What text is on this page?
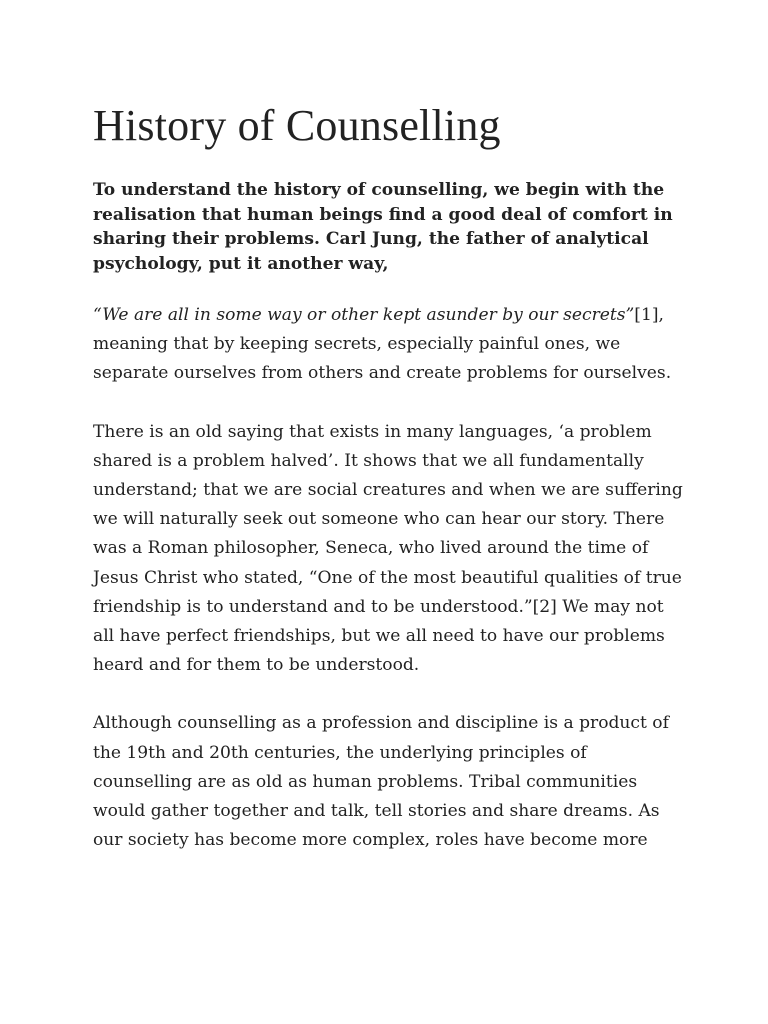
History of Counselling

To understand the history of counselling, we begin with the realisation that human beings find a good deal of comfort in sharing their problems. Carl Jung, the father of analytical psychology, put it another way,

“We are all in some way or other kept asunder by our secrets”[1], meaning that by keeping secrets, especially painful ones, we separate ourselves from others and create problems for ourselves.

There is an old saying that exists in many languages, ‘a problem shared is a problem halved’. It shows that we all fundamentally understand; that we are social creatures and when we are suffering we will naturally seek out someone who can hear our story. There was a Roman philosopher, Seneca, who lived around the time of Jesus Christ who stated, “One of the most beautiful qualities of true friendship is to understand and to be understood.”[2] We may not all have perfect friendships, but we all need to have our problems heard and for them to be understood.

Although counselling as a profession and discipline is a product of the 19th and 20th centuries, the underlying principles of counselling are as old as human problems. Tribal communities would gather together and talk, tell stories and share dreams. As our society has become more complex, roles have become more
